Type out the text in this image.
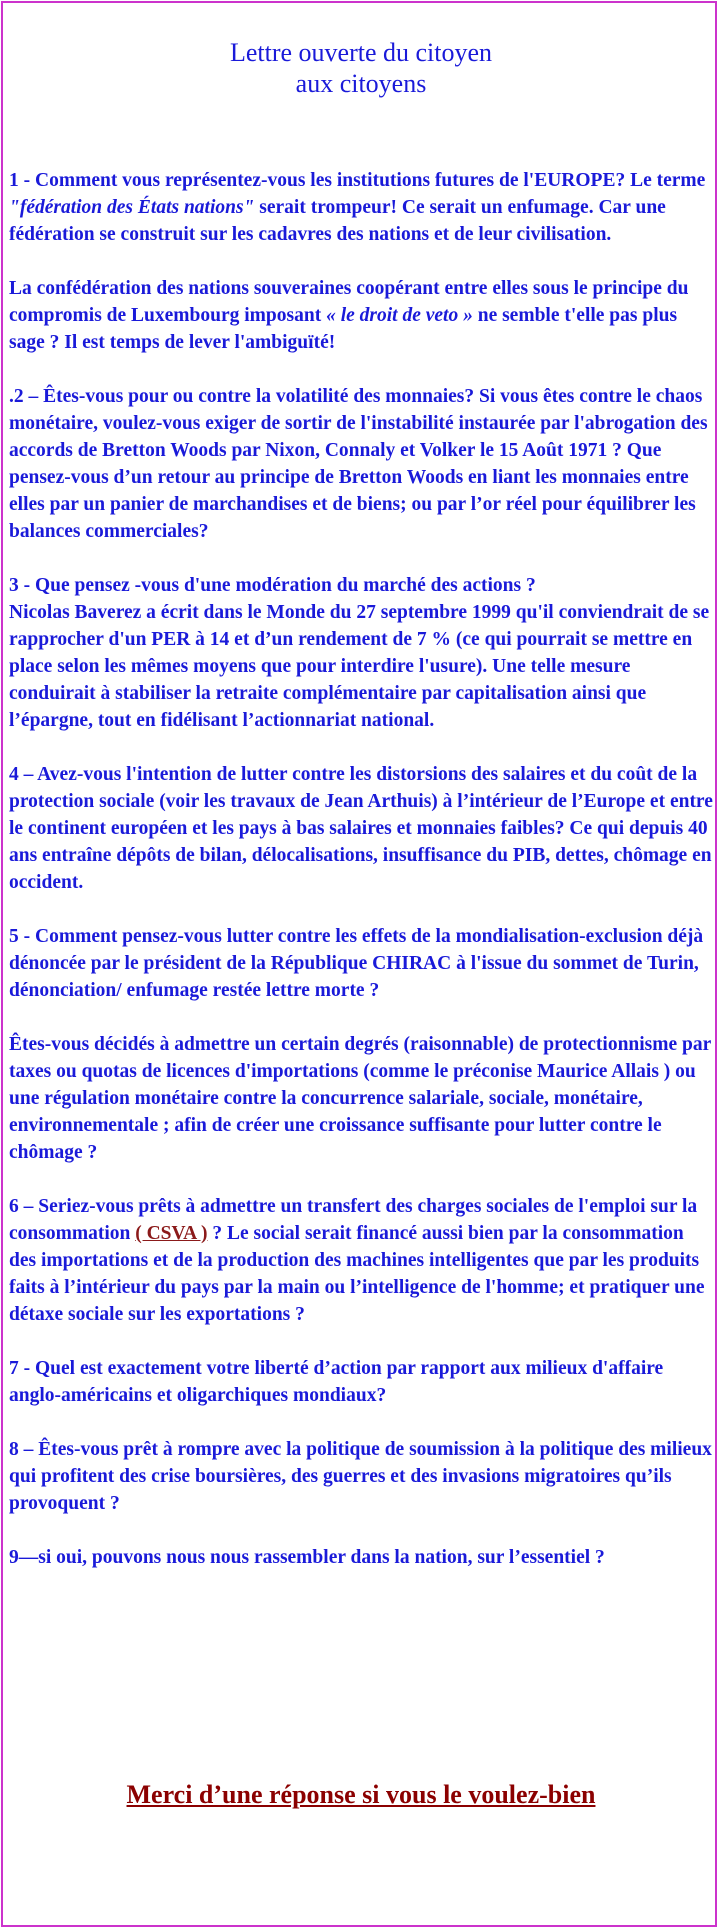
Lettre ouverte du citoyen

aux citoyens

1 - Comment vous représentez-vous les institutions futures de l'EUROPE? Le terme "fédération des États nations" serait trompeur! Ce serait un enfumage. Car une fédération se construit sur les cadavres des nations et de leur civilisation.

La confédération des nations souveraines coopérant entre elles sous le principe du compromis de Luxembourg imposant « le droit de veto » ne semble t'elle pas plus sage ? Il est temps de lever l'ambiguïté!

.2 – Êtes-vous pour ou contre la volatilité des monnaies? Si vous êtes contre le chaos monétaire, voulez-vous exiger de sortir de l'instabilité instaurée par l'abrogation des accords de Bretton Woods par Nixon, Connaly et Volker le 15 Août 1971 ? Que pensez-vous d’un retour au principe de Bretton Woods en liant les monnaies entre elles par un panier de marchandises et de biens; ou par l’or réel pour équilibrer les balances commerciales?

3 - Que pensez -vous d'une modération du marché des actions ?
Nicolas Baverez a écrit dans le Monde du 27 septembre 1999 qu'il conviendrait de se rapprocher d'un PER à 14 et d’un rendement de 7 % (ce qui pourrait se mettre en place selon les mêmes moyens que pour interdire l'usure). Une telle mesure conduirait à stabiliser la retraite complémentaire par capitalisation ainsi que l’épargne, tout en fidélisant l’actionnariat national.

4 – Avez-vous l'intention de lutter contre les distorsions des salaires et du coût de la protection sociale (voir les travaux de Jean Arthuis) à l’intérieur de l’Europe et entre le continent européen et les pays à bas salaires et monnaies faibles? Ce qui depuis 40 ans entraîne dépôts de bilan, délocalisations, insuffisance du PIB, dettes, chômage en occident.

5 - Comment pensez-vous lutter contre les effets de la mondialisation-exclusion déjà dénoncée par le président de la République CHIRAC à l'issue du sommet de Turin, dénonciation/ enfumage restée lettre morte ?

Êtes-vous décidés à admettre un certain degrés (raisonnable) de protectionnisme par taxes ou quotas de licences d'importations (comme le préconise Maurice Allais ) ou une régulation monétaire contre la concurrence salariale, sociale, monétaire, environnementale ; afin de créer une croissance suffisante pour lutter contre le chômage ?

6 – Seriez-vous prêts à admettre un transfert des charges sociales de l'emploi sur la consommation ( CSVA ) ? Le social serait financé aussi bien par la consommation des importations et de la production des machines intelligentes que par les produits faits à l’intérieur du pays par la main ou l’intelligence de l'homme; et pratiquer une détaxe sociale sur les exportations ?

7 - Quel est exactement votre liberté d’action par rapport aux milieux d'affaire anglo-américains et oligarchiques mondiaux?

8 – Êtes-vous prêt à rompre avec la politique de soumission à la politique des milieux qui profitent des crise boursières, des guerres et des invasions migratoires qu’ils provoquent ?

9—si oui, pouvons nous nous rassembler dans la nation, sur l’essentiel ?

Merci d’une réponse si vous le voulez-bien
